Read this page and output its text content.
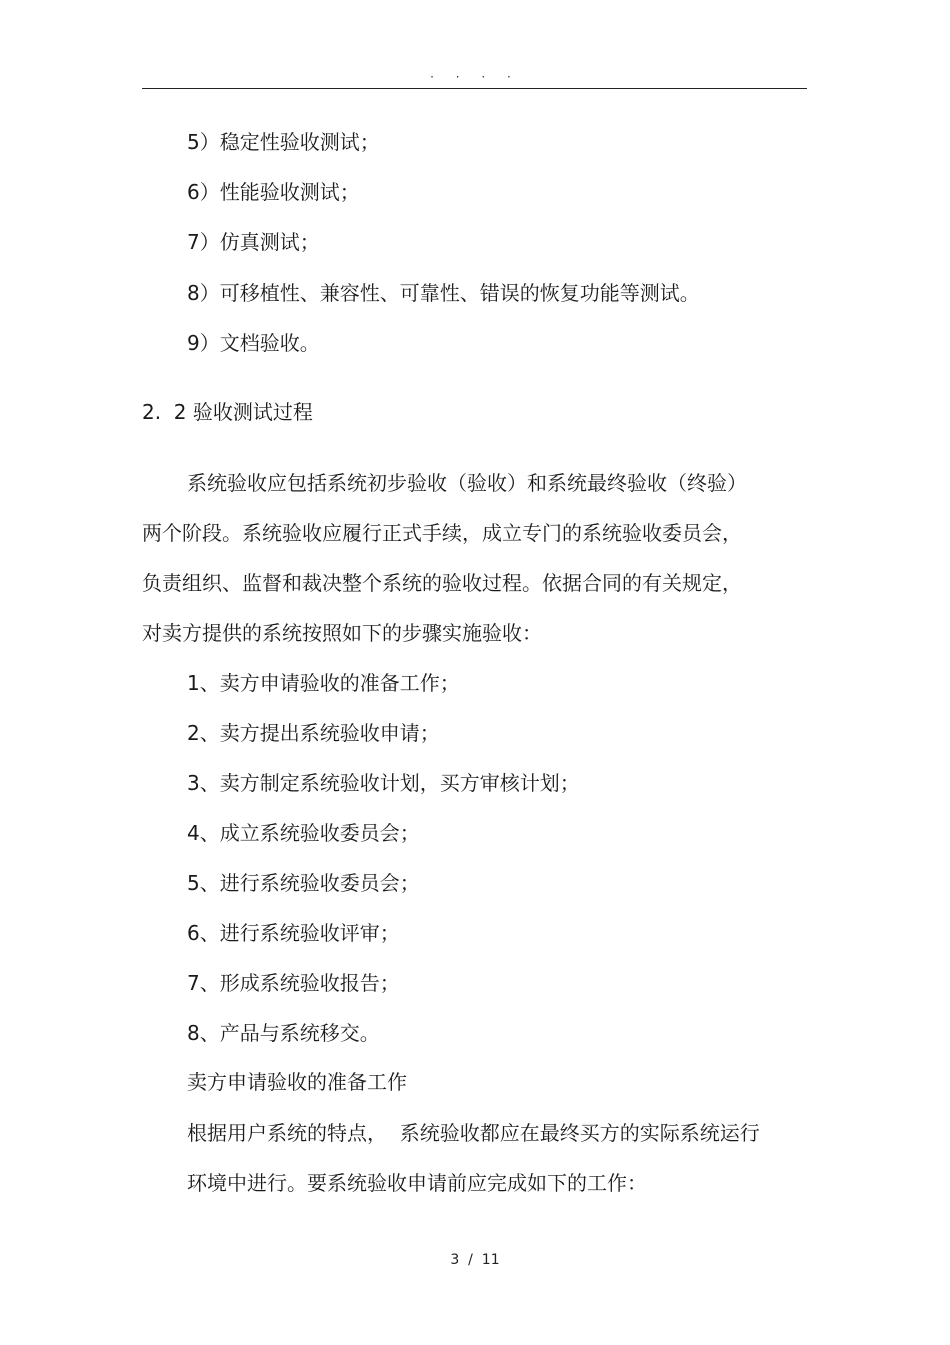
· · · ·
5）稳定性验收测试；
6）性能验收测试；
7）仿真测试；
8）可移植性、兼容性、可靠性、错误的恢复功能等测试。
9）文档验收。
2.  2 验收测试过程
系统验收应包括系统初步验收（验收）和系统最终验收（终验）
两个阶段。系统验收应履行正式手续，成立专门的系统验收委员会，
负责组织、监督和裁决整个系统的验收过程。依据合同的有关规定，
对卖方提供的系统按照如下的步骤实施验收：
1、卖方申请验收的准备工作；
2、卖方提出系统验收申请；
3、卖方制定系统验收计划，买方审核计划；
4、成立系统验收委员会；
5、进行系统验收委员会；
6、进行系统验收评审；
7、形成系统验收报告；
8、产品与系统移交。
卖方申请验收的准备工作
根据用户系统的特点，  系统验收都应在最终买方的实际系统运行
环境中进行。要系统验收申请前应完成如下的工作：
3  /  11
